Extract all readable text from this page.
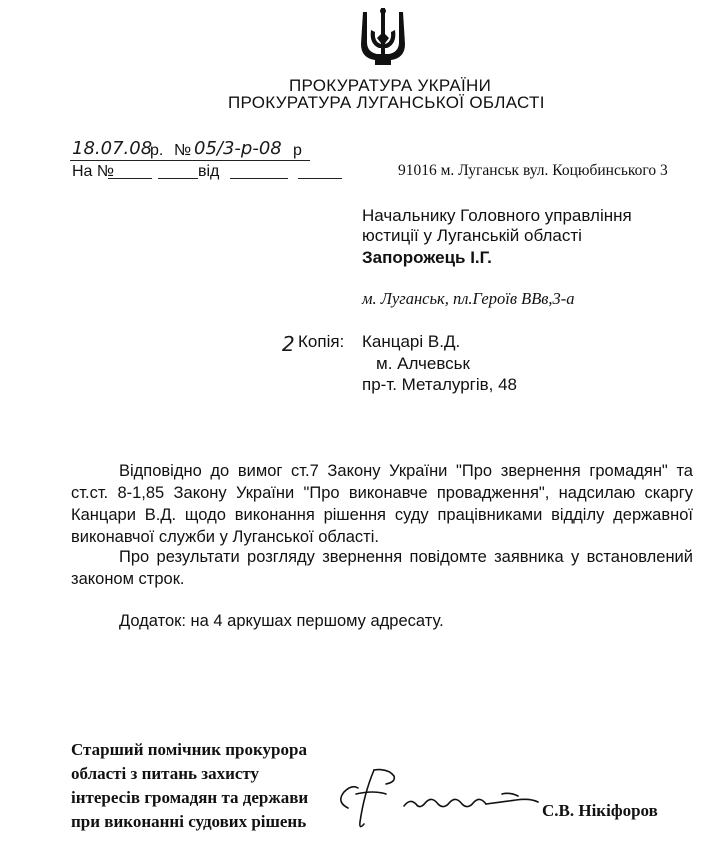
ПРОКУРАТУРА УКРАЇНИ
ПРОКУРАТУРА ЛУГАНСЬКОЇ ОБЛАСТІ
18.07.08
р. № 05/3-р-08 р
На №	від	91016 м. Луганськ вул. Коцюбинського 3
Начальнику Головного управління
юстиції у Луганській області
Запорожець І.Г.
м. Луганськ, пл.Героїв ВВв,3-а
2 Копія: Канцарі В.Д.
м. Алчевськ
пр-т. Металургів, 48
Відповідно до вимог ст.7 Закону України "Про звернення громадян" та
ст.ст. 8-1,85 Закону України "Про виконавче провадження", надсилаю скаргу
Канцари В.Д. щодо виконання рішення суду працівниками відділу державної
виконавчої служби у Луганської області.
Про результати розгляду звернення повідомте заявника у встановлений
законом строк.
Додаток: на 4 аркушах першому адресату.
Старший помічник прокурора
області з питань захисту
інтересів громадян та держави
при виконанні судових рішень
С.В. Нікіфоров
